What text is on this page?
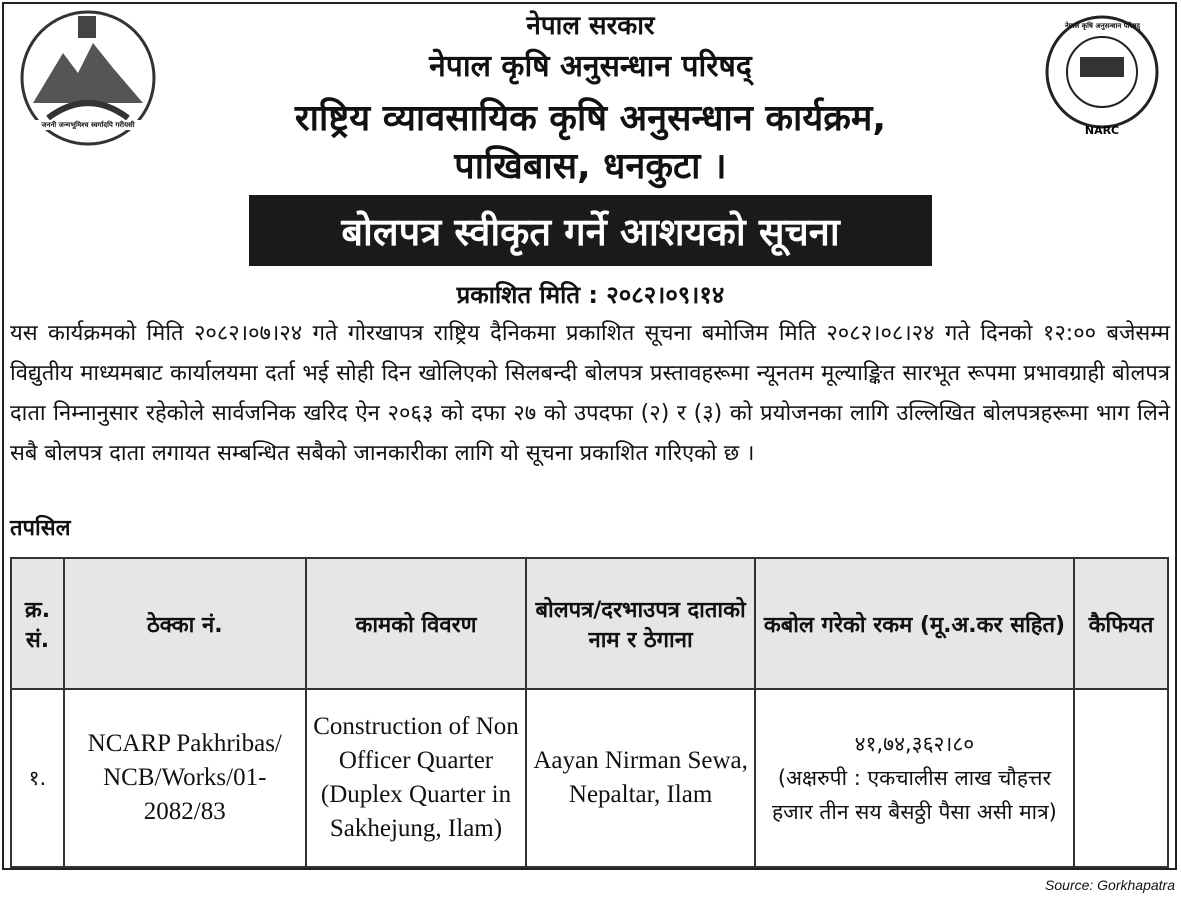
जननी जन्मभूमिश्च स्वर्गादपि गरीयसी	NARC
नेपाल कृषि अनुसन्धान परिषद्
नेपाल सरकार
नेपाल कृषि अनुसन्धान परिषद्
राष्ट्रिय व्यावसायिक कृषि अनुसन्धान कार्यक्रम,
पाखिबास, धनकुटा ।
बोलपत्र स्वीकृत गर्ने आशयको सूचना
प्रकाशित मिति : २०८२।०९।१४
यस कार्यक्रमको मिति २०८२।०७।२४ गते गोरखापत्र राष्ट्रिय दैनिकमा प्रकाशित सूचना बमोजिम मिति २०८२।०८।२४ गते दिनको १२:०० बजेसम्म विद्युतीय माध्यमबाट कार्यालयमा दर्ता भई सोही दिन खोलिएको सिलबन्दी बोलपत्र प्रस्तावहरूमा न्यूनतम मूल्याङ्कित सारभूत रूपमा प्रभावग्राही बोलपत्र दाता निम्नानुसार रहेकोले सार्वजनिक खरिद ऐन २०६३ को दफा २७ को उपदफा (२) र (३) को प्रयोजनका लागि उल्लिखित बोलपत्रहरूमा भाग लिने सबै बोलपत्र दाता लगायत सम्बन्धित सबैको जानकारीका लागि यो सूचना प्रकाशित गरिएको छ ।
तपसिल
क्र. सं.	ठेक्का नं.	कामको विवरण	बोलपत्र/दरभाउपत्र दाताको नाम र ठेगाना	कबोल गरेको रकम (मू.अ.कर सहित)	कैफियत
१.	NCARP Pakhribas/ NCB/Works/01-2082/83	Construction of Non Officer Quarter (Duplex Quarter in Sakhejung, Ilam)	Aayan Nirman Sewa, Nepaltar, Ilam	४१,७४,३६२।८०
(अक्षरुपी : एकचालीस लाख चौहत्तर हजार तीन सय बैसठ्ठी पैसा असी मात्र)	

Source: Gorkhapatra
